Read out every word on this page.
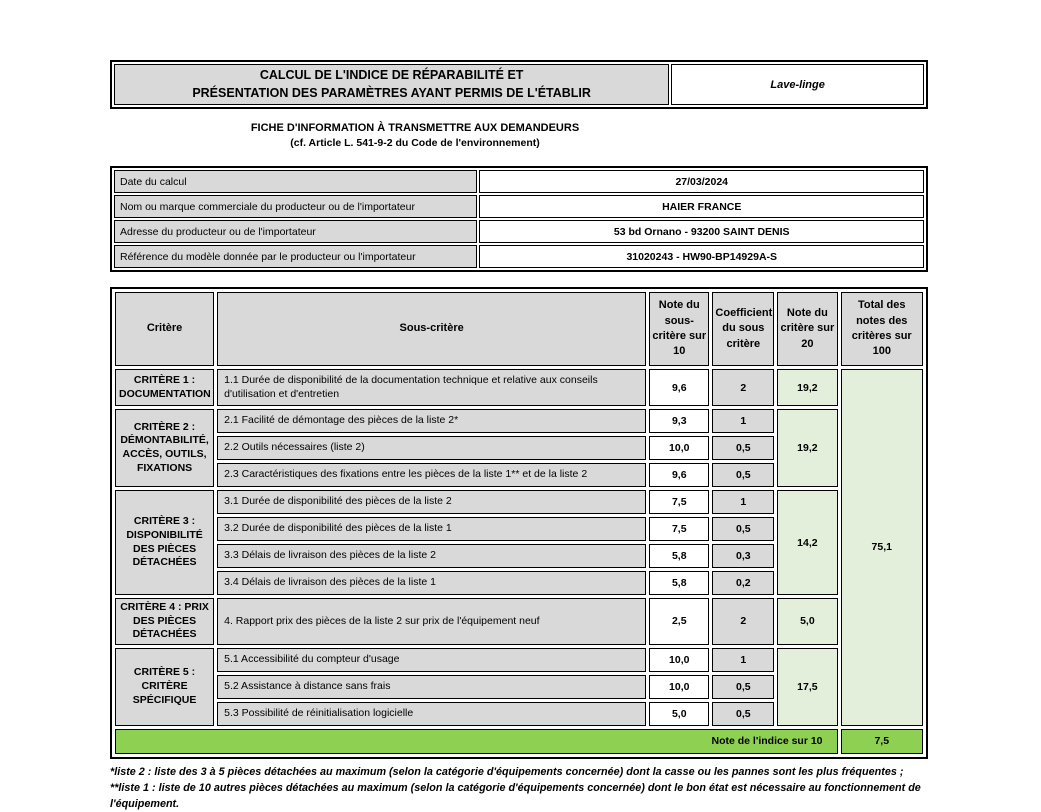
CALCUL DE L'INDICE DE RÉPARABILITÉ ET
PRÉSENTATION DES PARAMÈTRES AYANT PERMIS DE L'ÉTABLIR
	Lave-linge
FICHE D'INFORMATION À TRANSMETTRE AUX DEMANDEURS
(cf. Article L. 541-9-2 du Code de l'environnement)
Date du calcul	27/03/2024
Nom ou marque commerciale du producteur ou de l'importateur	HAIER FRANCE
Adresse du producteur ou de l'importateur	53 bd Ornano - 93200 SAINT DENIS
Référence du modèle donnée par le producteur ou l'importateur	31020243 - HW90-BP14929A-S
Critère	Sous-critère	Note du sous-critère sur 10	Coefficient du sous critère	Note du critère sur 20	Total des notes des critères sur 100
CRITÈRE 1 : DOCUMENTATION	1.1 Durée de disponibilité de la documentation technique et relative aux conseils d'utilisation et d'entretien	9,6	2	19,2	75,1
CRITÈRE 2 : DÉMONTABILITÉ, ACCÈS, OUTILS, FIXATIONS	2.1 Facilité de démontage des pièces de la liste 2*	9,3	1	19,2	
	2.2 Outils nécessaires (liste 2)	10,0	0,5		
	2.3 Caractéristiques des fixations entre les pièces de la liste 1** et de la liste 2	9,6	0,5		
CRITÈRE 3 : DISPONIBILITÉ DES PIÈCES DÉTACHÉES	3.1 Durée de disponibilité des pièces de la liste 2	7,5	1	14,2	
	3.2 Durée de disponibilité des pièces de la liste 1	7,5	0,5		
	3.3 Délais de livraison des pièces de la liste 2	5,8	0,3		
	3.4 Délais de livraison des pièces de la liste 1	5,8	0,2		
CRITÈRE 4 : PRIX DES PIÈCES DÉTACHÉES	4. Rapport prix des pièces de la liste 2 sur prix de l'équipement neuf	2,5	2	5,0	
CRITÈRE 5 : CRITÈRE SPÉCIFIQUE	5.1 Accessibilité du compteur d'usage	10,0	1	17,5	
	5.2 Assistance à distance sans frais	10,0	0,5		
	5.3 Possibilité de réinitialisation logicielle	5,0	0,5		
Note de l'indice sur 10					7,5
*liste 2 : liste des 3 à 5 pièces détachées au maximum (selon la catégorie d'équipements concernée) dont la casse ou les pannes sont les plus fréquentes ;
**liste 1 : liste de 10 autres pièces détachées au maximum (selon la catégorie d'équipements concernée) dont le bon état est nécessaire au fonctionnement de l'équipement.
